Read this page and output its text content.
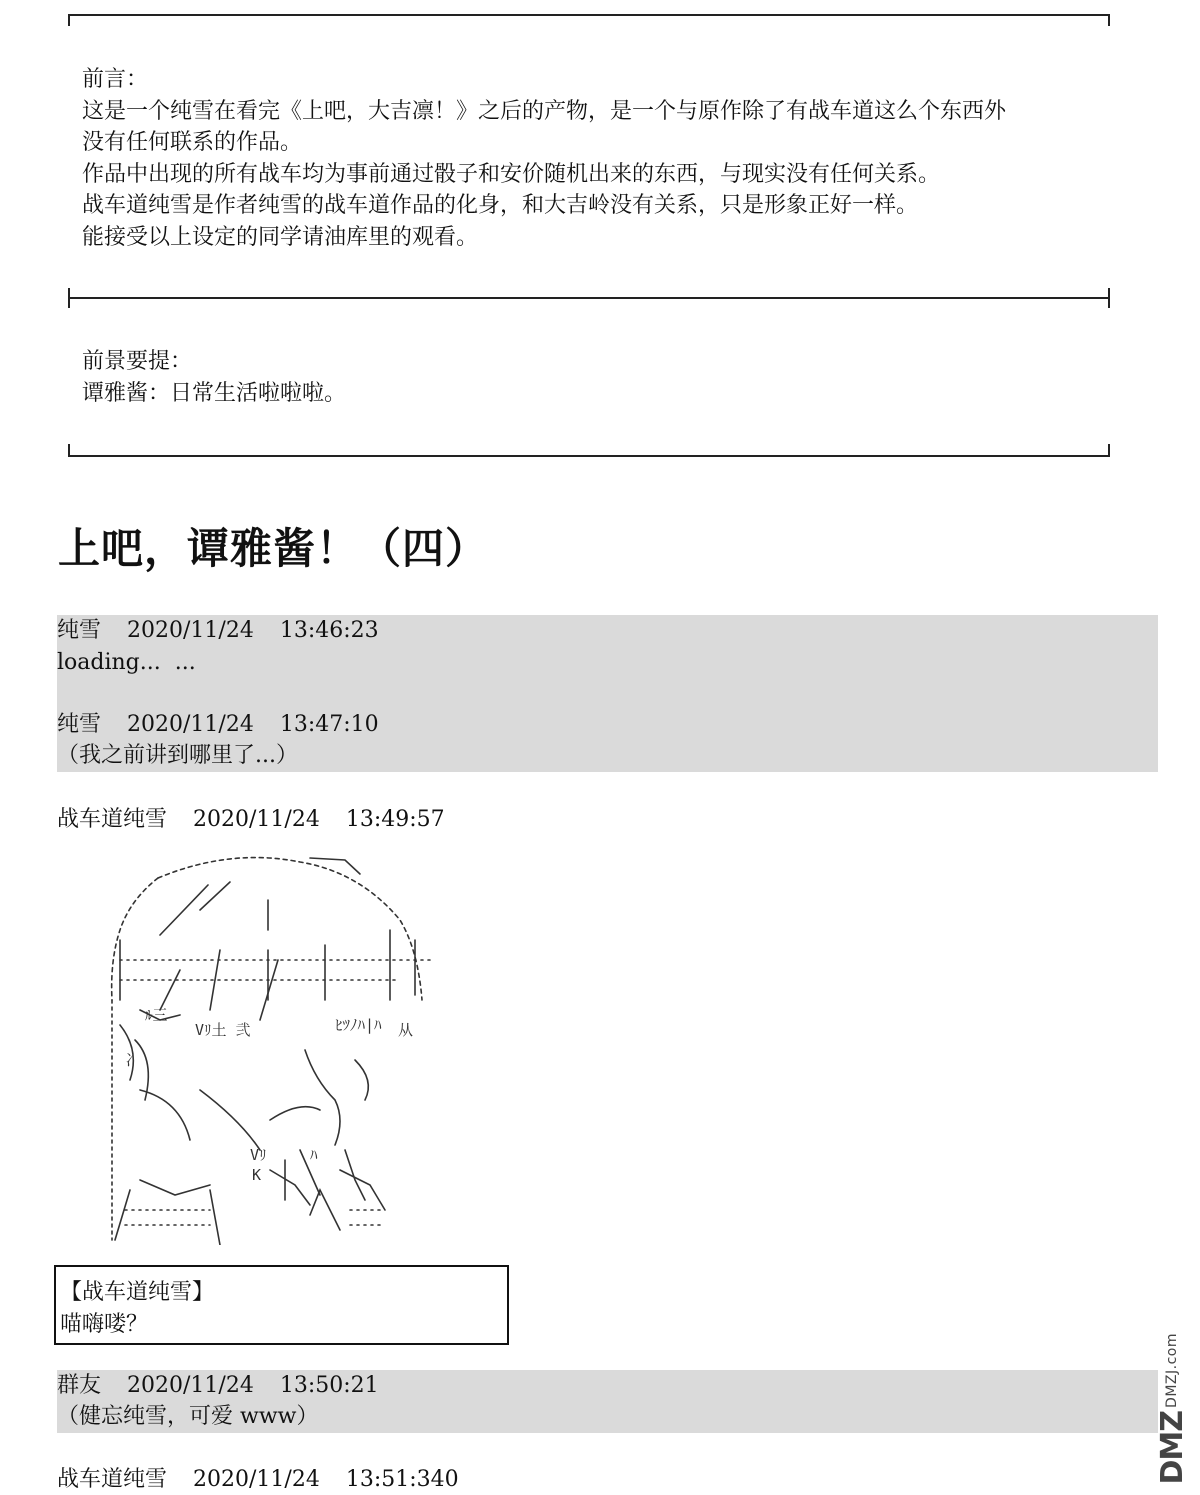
前言：
这是一个纯雪在看完《上吧，大吉凛！》之后的产物，是一个与原作除了有战车道这么个东西外
没有任何联系的作品。
作品中出现的所有战车均为事前通过骰子和安价随机出来的东西，与现实没有任何关系。
战车道纯雪是作者纯雪的战车道作品的化身，和大吉岭没有关系，只是形象正好一样。
能接受以上设定的同学请油库里的观看。
前景要提：
谭雅酱：日常生活啦啦啦。
上吧，谭雅酱！（四）
纯雪 2020/11/24 13:46:23
loading...  ...
纯雪 2020/11/24 13:47:10
（我之前讲到哪里了...）
战车道纯雪 2020/11/24 13:49:57
ﾙ三
Vﾘ土 弐	ﾋﾂﾉﾊ|ﾊ
Vﾘ
K
ﾊ
冫
从
【战车道纯雪】
喵嗨喽？
群友 2020/11/24 13:50:21
（健忘纯雪，可爱 www）
战车道纯雪 2020/11/24 13:51:340
DMZJ.com
DMZ
